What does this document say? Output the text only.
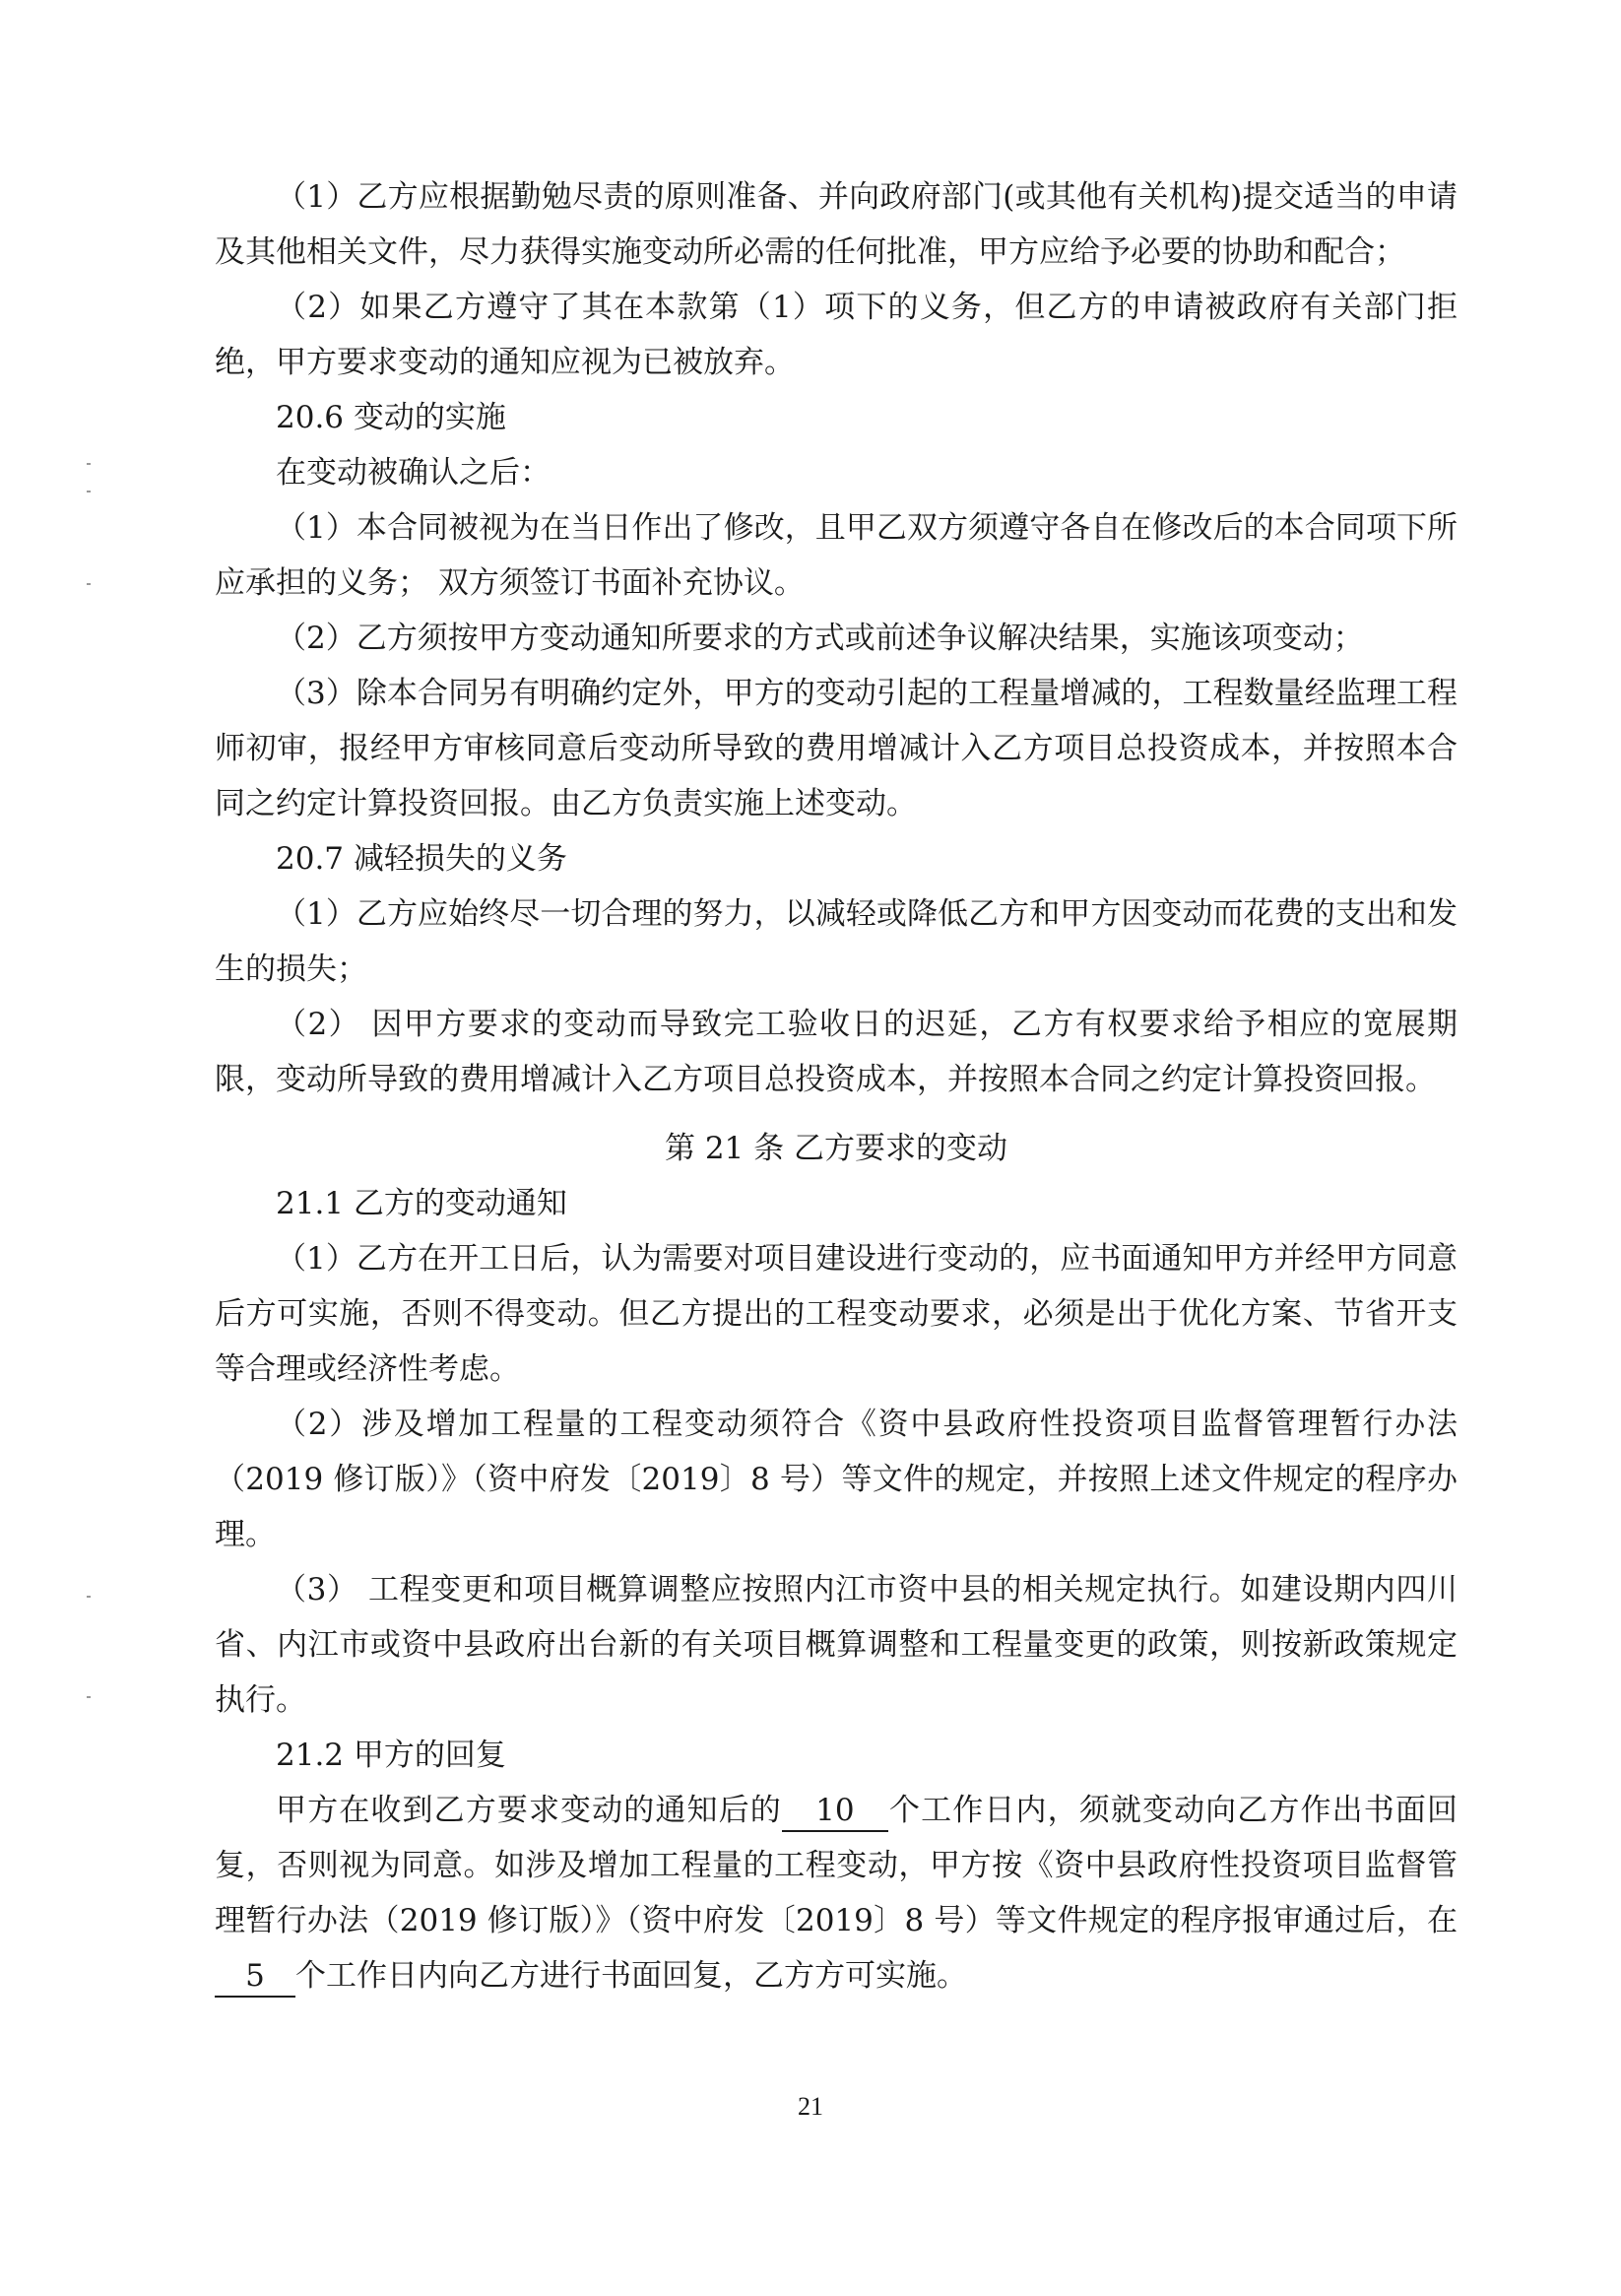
（1）乙方应根据勤勉尽责的原则准备、并向政府部门(或其他有关机构)提交适当的申请及其他相关文件，尽力获得实施变动所必需的任何批准，甲方应给予必要的协助和配合；

（2）如果乙方遵守了其在本款第（1）项下的义务，但乙方的申请被政府有关部门拒绝，甲方要求变动的通知应视为已被放弃。

20.6 变动的实施

在变动被确认之后：

（1）本合同被视为在当日作出了修改，且甲乙双方须遵守各自在修改后的本合同项下所应承担的义务； 双方须签订书面补充协议。

（2）乙方须按甲方变动通知所要求的方式或前述争议解决结果，实施该项变动；

（3）除本合同另有明确约定外，甲方的变动引起的工程量增减的，工程数量经监理工程师初审，报经甲方审核同意后变动所导致的费用增减计入乙方项目总投资成本，并按照本合同之约定计算投资回报。由乙方负责实施上述变动。

20.7 减轻损失的义务

（1）乙方应始终尽一切合理的努力，以减轻或降低乙方和甲方因变动而花费的支出和发生的损失；

（2） 因甲方要求的变动而导致完工验收日的迟延，乙方有权要求给予相应的宽展期限，变动所导致的费用增减计入乙方项目总投资成本，并按照本合同之约定计算投资回报。

第 21 条 乙方要求的变动

21.1 乙方的变动通知

（1）乙方在开工日后，认为需要对项目建设进行变动的，应书面通知甲方并经甲方同意后方可实施，否则不得变动。但乙方提出的工程变动要求，必须是出于优化方案、节省开支等合理或经济性考虑。

（2）涉及增加工程量的工程变动须符合《资中县政府性投资项目监督管理暂行办法（2019 修订版）》（资中府发〔2019〕8 号）等文件的规定，并按照上述文件规定的程序办理。

（3） 工程变更和项目概算调整应按照内江市资中县的相关规定执行。如建设期内四川省、内江市或资中县政府出台新的有关项目概算调整和工程量变更的政策，则按新政策规定执行。

21.2 甲方的回复

甲方在收到乙方要求变动的通知后的 10 个工作日内，须就变动向乙方作出书面回复，否则视为同意。如涉及增加工程量的工程变动，甲方按《资中县政府性投资项目监督管理暂行办法（2019 修订版）》（资中府发〔2019〕8 号）等文件规定的程序报审通过后，在5 个工作日内向乙方进行书面回复，乙方方可实施。

21
